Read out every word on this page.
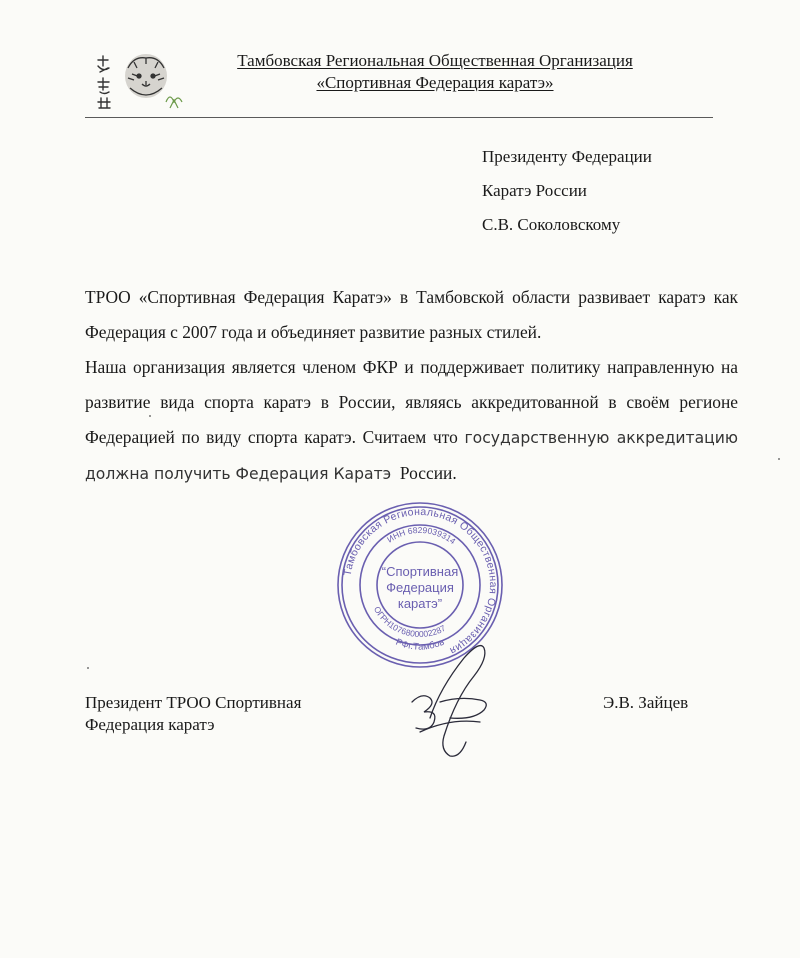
Тамбовская Региональная Общественная Организация
«Спортивная Федерация каратэ»
Президенту Федерации
Каратэ России
С.В. Соколовскому

ТРОО «Спортивная Федерация Каратэ» в Тамбовской области развивает каратэ как Федерация с 2007 года и объединяет развитие разных стилей.

Наша организация является членом ФКР и поддерживает политику направленную на развитие вида спорта каратэ в России, являясь аккредитованной в своём регионе Федерацией по виду спорта каратэ. Считаем что государственную аккредитацию должна получить Федерация Каратэ России.

Тамбовская Региональная Общественная Организация
ИНН 6829039314
ОГРН1076800002287
РФг.Тамбов
“Спортивная
Федерация
каратэ”
Президент ТРОО Спортивная
Федерация каратэ
Э.В. Зайцев
